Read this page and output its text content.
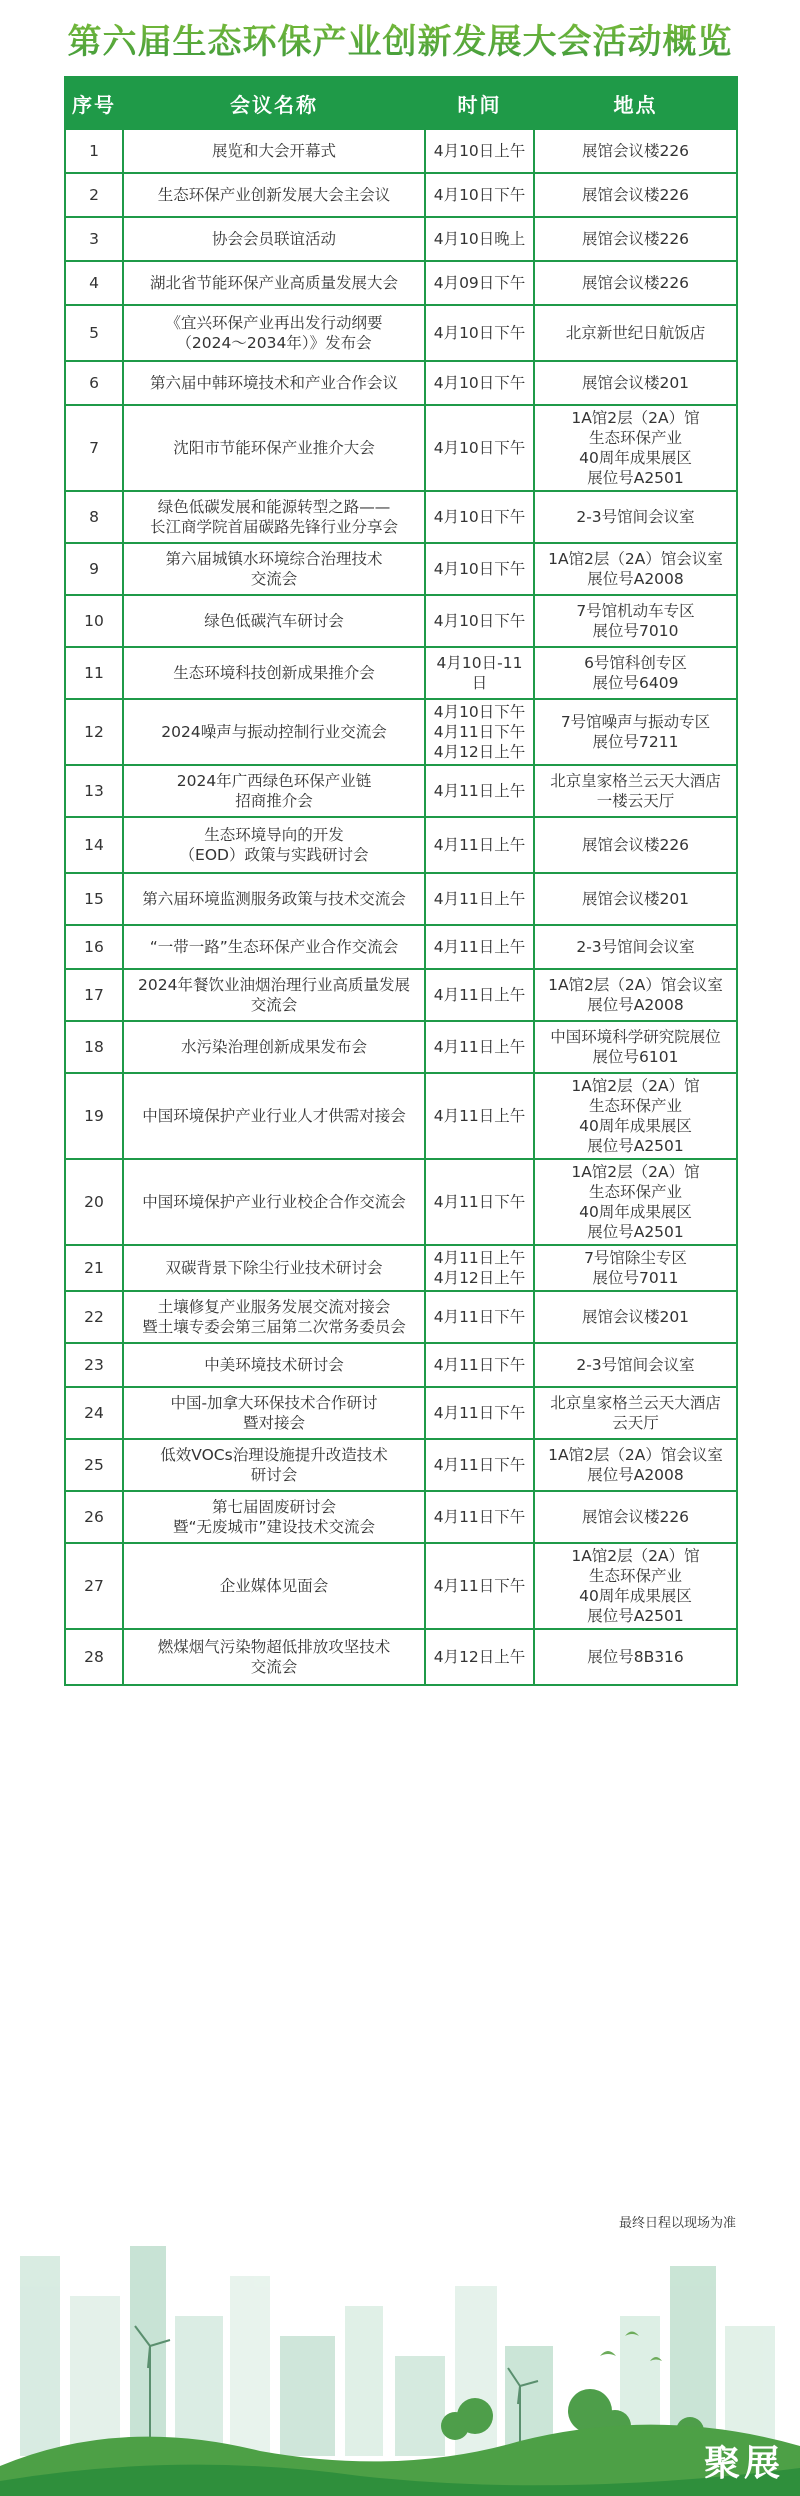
第六届生态环保产业创新发展大会活动概览
序号	会议名称	时间	地点
1	展览和大会开幕式	4月10日上午	展馆会议楼226
2	生态环保产业创新发展大会主会议	4月10日下午	展馆会议楼226
3	协会会员联谊活动	4月10日晚上	展馆会议楼226
4	湖北省节能环保产业高质量发展大会	4月09日下午	展馆会议楼226
5	《宜兴环保产业再出发行动纲要
（2024～2034年）》发布会	4月10日下午	北京新世纪日航饭店
6	第六届中韩环境技术和产业合作会议	4月10日下午	展馆会议楼201
7	沈阳市节能环保产业推介大会	4月10日下午	1A馆2层（2A）馆
生态环保产业
40周年成果展区
展位号A2501
8	绿色低碳发展和能源转型之路——
长江商学院首届碳路先锋行业分享会	4月10日下午	2-3号馆间会议室
9	第六届城镇水环境综合治理技术
交流会	4月10日下午	1A馆2层（2A）馆会议室
展位号A2008
10	绿色低碳汽车研讨会	4月10日下午	7号馆机动车专区
展位号7010
11	生态环境科技创新成果推介会	4月10日-11日	6号馆科创专区
展位号6409
12	2024噪声与振动控制行业交流会	4月10日下午
4月11日下午
4月12日上午	7号馆噪声与振动专区
展位号7211
13	2024年广西绿色环保产业链
招商推介会	4月11日上午	北京皇家格兰云天大酒店
一楼云天厅
14	生态环境导向的开发
（EOD）政策与实践研讨会	4月11日上午	展馆会议楼226
15	第六届环境监测服务政策与技术交流会	4月11日上午	展馆会议楼201
16	“一带一路”生态环保产业合作交流会	4月11日上午	2-3号馆间会议室
17	2024年餐饮业油烟治理行业高质量发展
交流会	4月11日上午	1A馆2层（2A）馆会议室
展位号A2008
18	水污染治理创新成果发布会	4月11日上午	中国环境科学研究院展位
展位号6101
19	中国环境保护产业行业人才供需对接会	4月11日上午	1A馆2层（2A）馆
生态环保产业
40周年成果展区
展位号A2501
20	中国环境保护产业行业校企合作交流会	4月11日下午	1A馆2层（2A）馆
生态环保产业
40周年成果展区
展位号A2501
21	双碳背景下除尘行业技术研讨会	4月11日上午
4月12日上午	7号馆除尘专区
展位号7011
22	土壤修复产业服务发展交流对接会
暨土壤专委会第三届第二次常务委员会	4月11日下午	展馆会议楼201
23	中美环境技术研讨会	4月11日下午	2-3号馆间会议室
24	中国-加拿大环保技术合作研讨
暨对接会	4月11日下午	北京皇家格兰云天大酒店
云天厅
25	低效VOCs治理设施提升改造技术
研讨会	4月11日下午	1A馆2层（2A）馆会议室
展位号A2008
26	第七届固废研讨会
暨“无废城市”建设技术交流会	4月11日下午	展馆会议楼226
27	企业媒体见面会	4月11日下午	1A馆2层（2A）馆
生态环保产业
40周年成果展区
展位号A2501
28	燃煤烟气污染物超低排放攻坚技术
交流会	4月12日上午	展位号8B316
最终日程以现场为准
聚展
